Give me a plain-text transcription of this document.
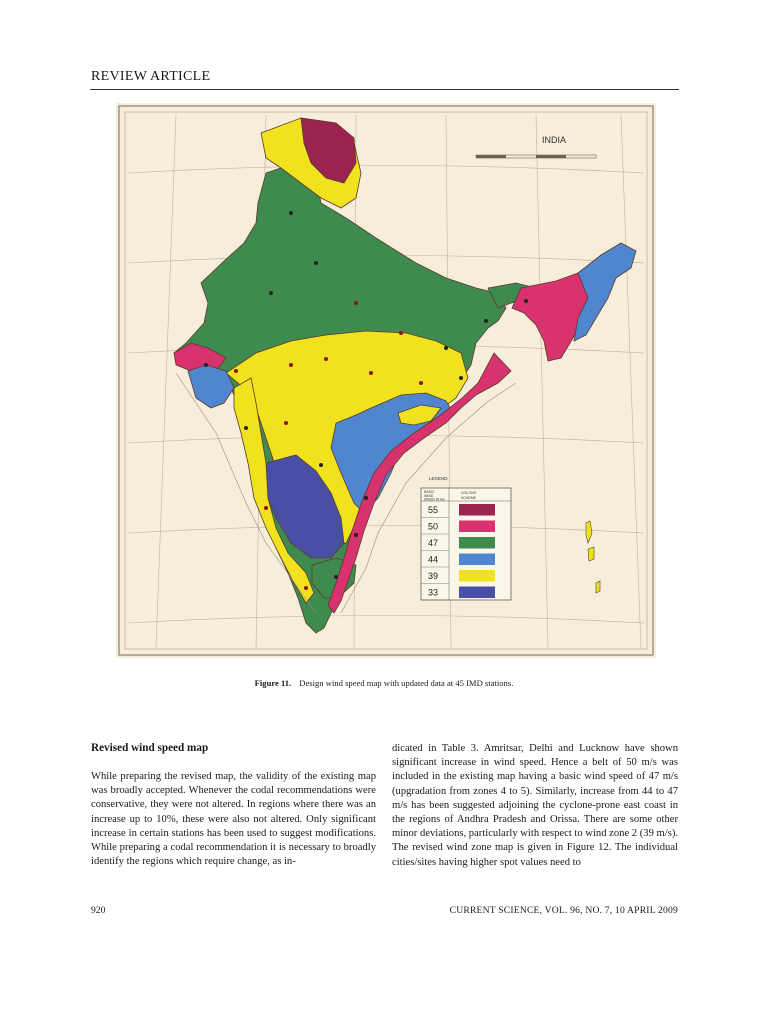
REVIEW ARTICLE
INDIA
LEGEND
BASIC
WIND
SPEED IN m/s
COLOUR
SCHEME
55
50
47
44
39
33
Figure 11. Design wind speed map with updated data at 45 IMD stations.
Revised wind speed map
While preparing the revised map, the validity of the existing map was broadly accepted. Whenever the codal recommendations were conservative, they were not altered. In regions where there was an increase up to 10%, these were also not altered. Only significant increase in certain stations has been used to suggest modifications. While preparing a codal recommendation it is necessary to broadly identify the regions which require change, as in-
dicated in Table 3. Amritsar, Delhi and Lucknow have shown significant increase in wind speed. Hence a belt of 50 m/s was included in the existing map having a basic wind speed of 47 m/s (upgradation from zones 4 to 5). Similarly, increase from 44 to 47 m/s has been suggested adjoining the cyclone-prone east coast in the regions of Andhra Pradesh and Orissa. There are some other minor deviations, particularly with respect to wind zone 2 (39 m/s). The revised wind zone map is given in Figure 12. The individual cities/sites having higher spot values need to
920	CURRENT SCIENCE, VOL. 96, NO. 7, 10 APRIL 2009
